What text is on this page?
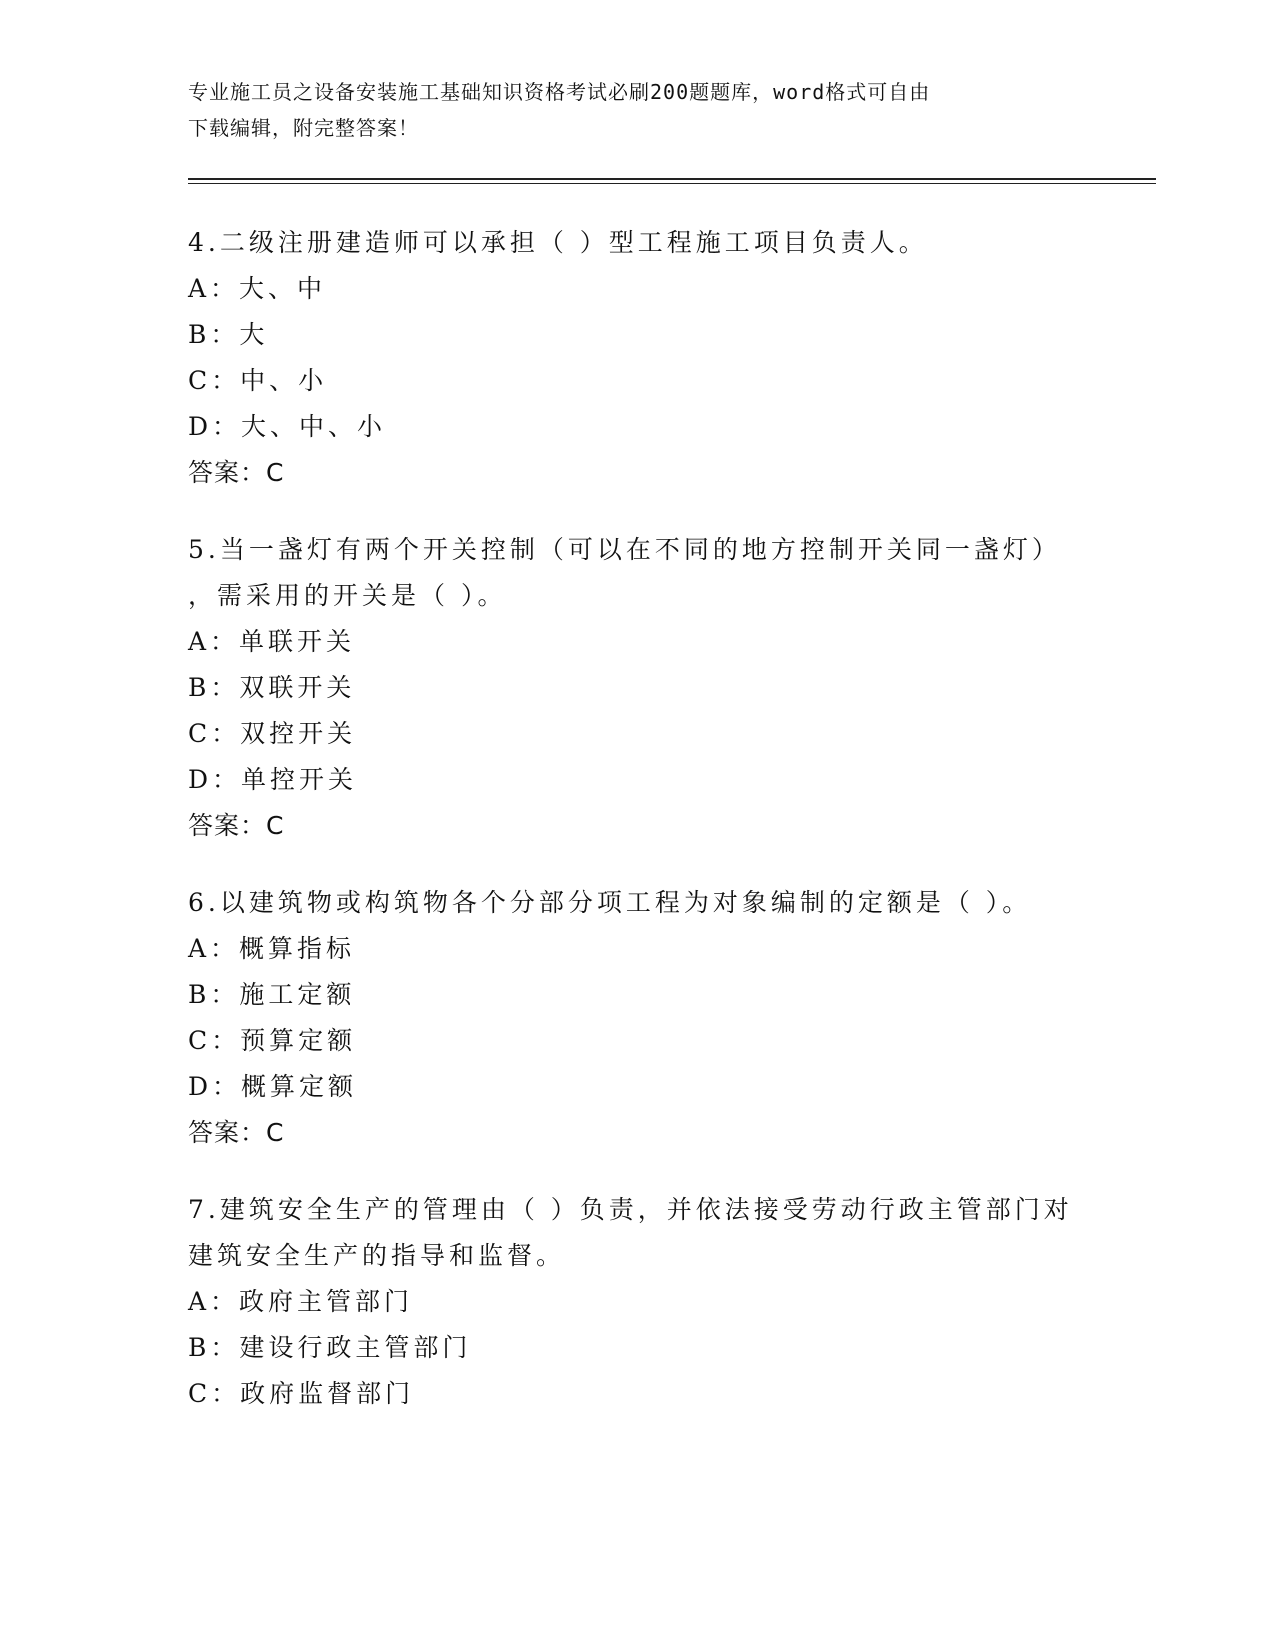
专业施工员之设备安装施工基础知识资格考试必刷200题题库，word格式可自由
下载编辑，附完整答案！
4.二级注册建造师可以承担（ ）型工程施工项目负责人。
A：大、中
B：大
C：中、小
D：大、中、小
答案：C
5.当一盏灯有两个开关控制（可以在不同的地方控制开关同一盏灯）
，需采用的开关是（ ）。
A：单联开关
B：双联开关
C：双控开关
D：单控开关
答案：C
6.以建筑物或构筑物各个分部分项工程为对象编制的定额是（ ）。
A：概算指标
B：施工定额
C：预算定额
D：概算定额
答案：C
7.建筑安全生产的管理由（ ）负责，并依法接受劳动行政主管部门对
建筑安全生产的指导和监督。
A：政府主管部门
B：建设行政主管部门
C：政府监督部门
